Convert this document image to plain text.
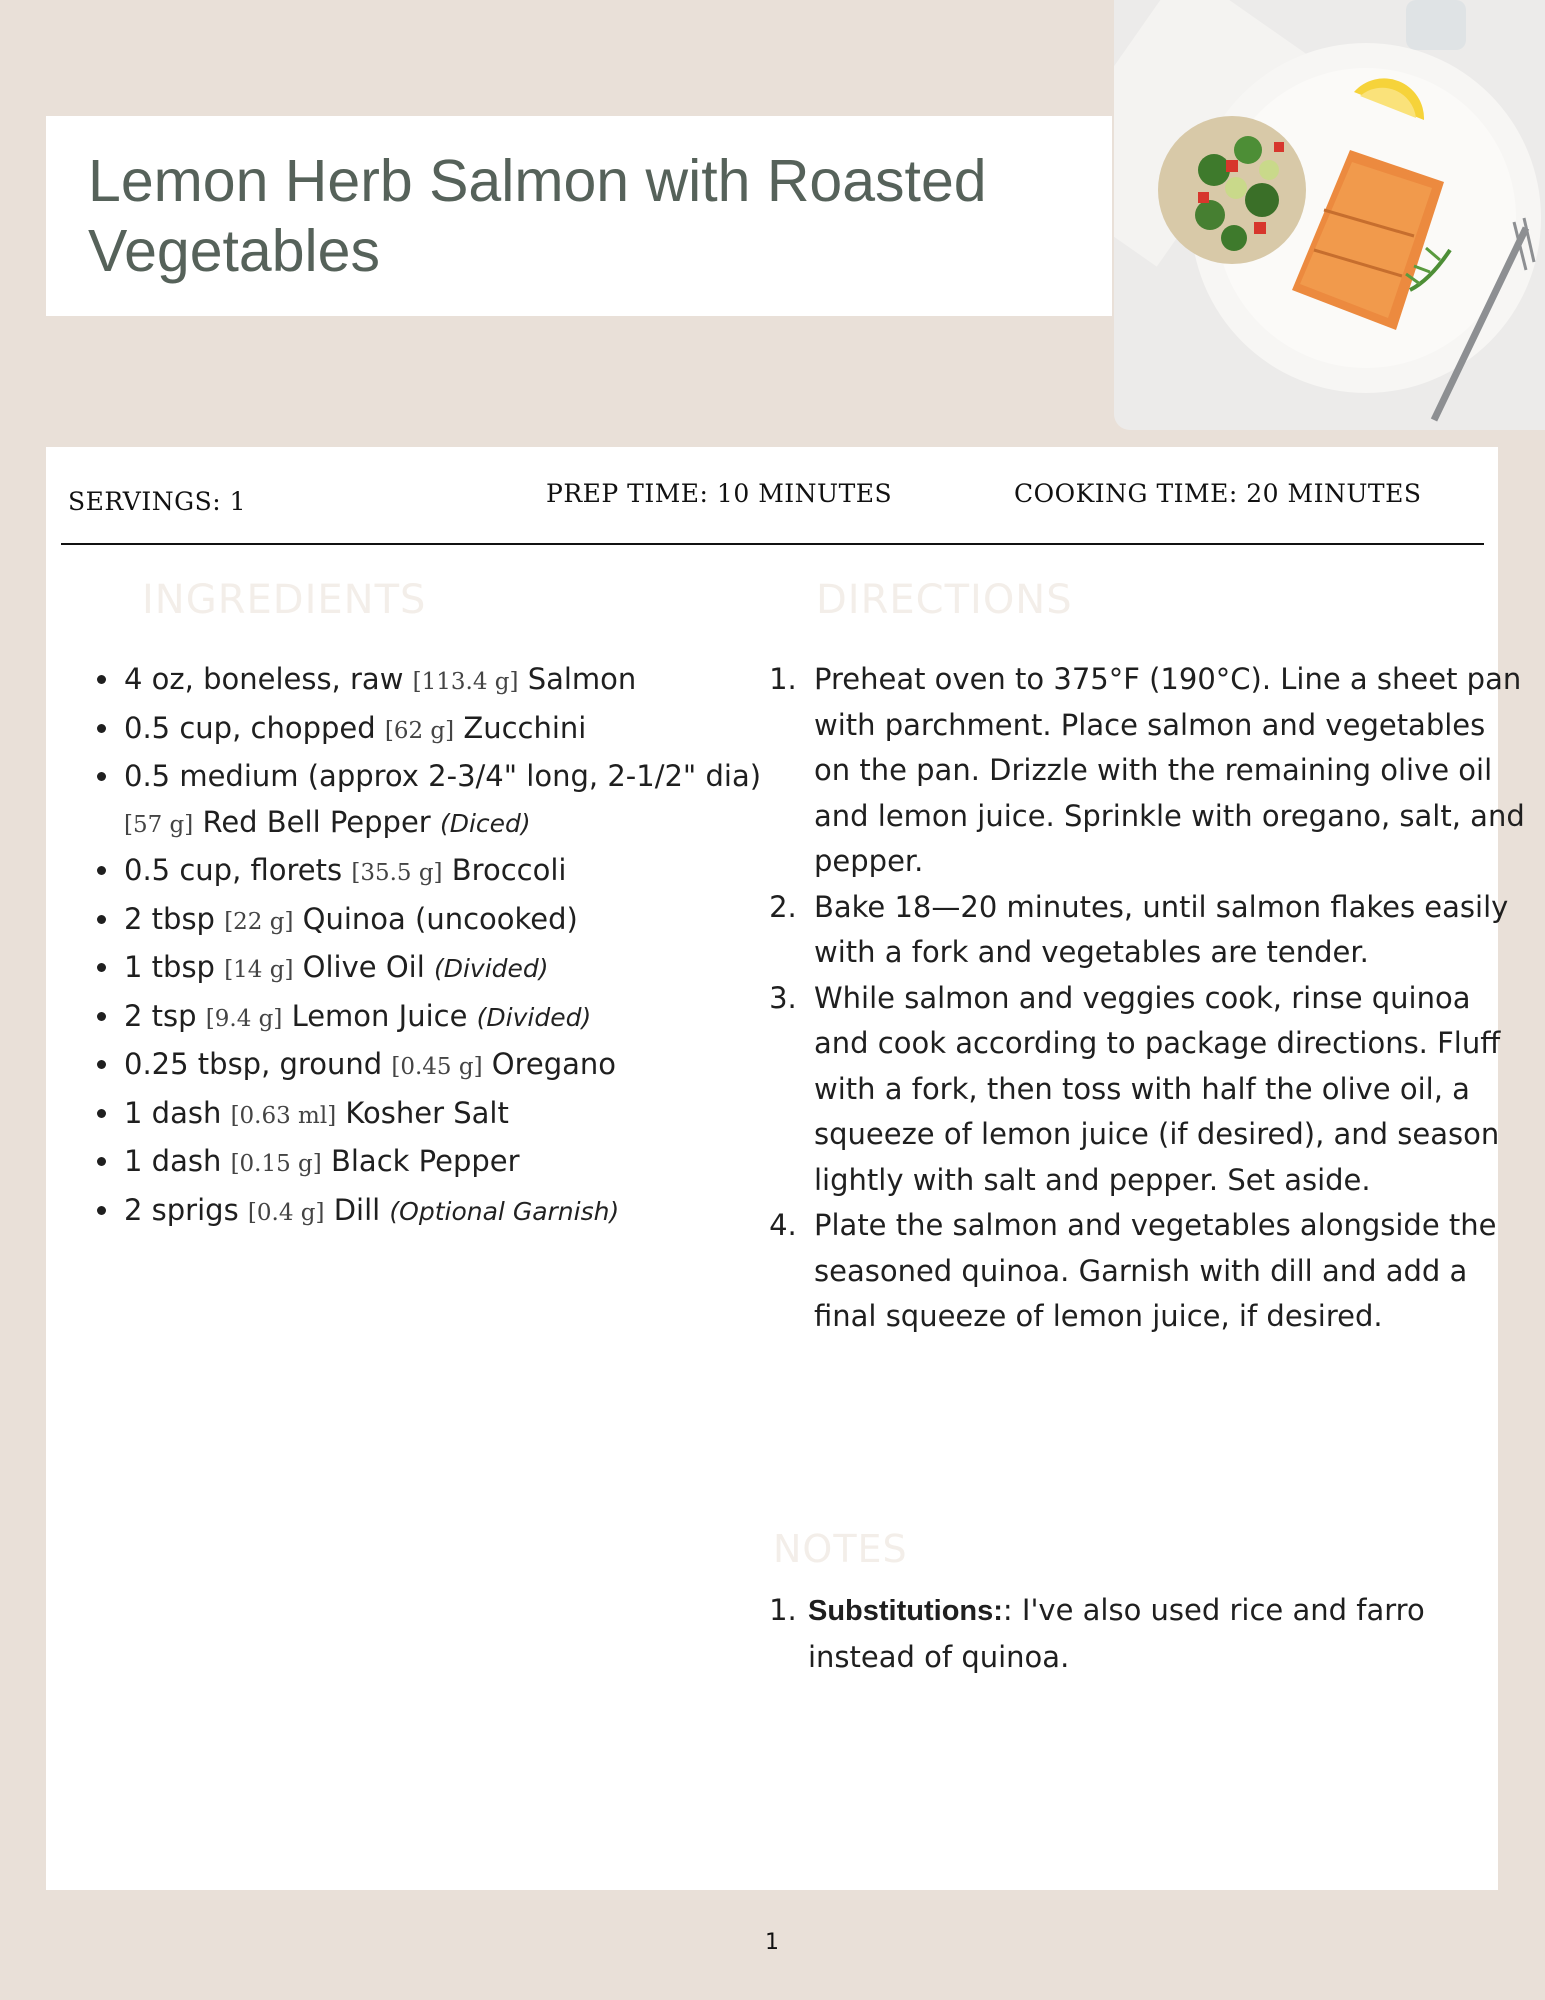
Lemon Herb Salmon with Roasted Vegetables
SERVINGS: 1	PREP TIME: 10 MINUTES	COOKING TIME: 20 MINUTES
INGREDIENTS	DIRECTIONS
• 4 oz, boneless, raw [113.4 g] Salmon
• 0.5 cup, chopped [62 g] Zucchini
• 0.5 medium (approx 2-3/4" long, 2-1/2" dia) [57 g] Red Bell Pepper (Diced)
• 0.5 cup, florets [35.5 g] Broccoli
• 2 tbsp [22 g] Quinoa (uncooked)
• 1 tbsp [14 g] Olive Oil (Divided)
• 2 tsp [9.4 g] Lemon Juice (Divided)
• 0.25 tbsp, ground [0.45 g] Oregano
• 1 dash [0.63 ml] Kosher Salt
• 1 dash [0.15 g] Black Pepper
• 2 sprigs [0.4 g] Dill (Optional Garnish)
1. Preheat oven to 375°F (190°C). Line a sheet pan with parchment. Place salmon and vegetables on the pan. Drizzle with the remaining olive oil and lemon juice. Sprinkle with oregano, salt, and pepper.
2. Bake 18—20 minutes, until salmon flakes easily with a fork and vegetables are tender.
3. While salmon and veggies cook, rinse quinoa and cook according to package directions. Fluff with a fork, then toss with half the olive oil, a squeeze of lemon juice (if desired), and season lightly with salt and pepper. Set aside.
4. Plate the salmon and vegetables alongside the seasoned quinoa. Garnish with dill and add a final squeeze of lemon juice, if desired.
NOTES
1. Substitutions:: I've also used rice and farro instead of quinoa.
1
